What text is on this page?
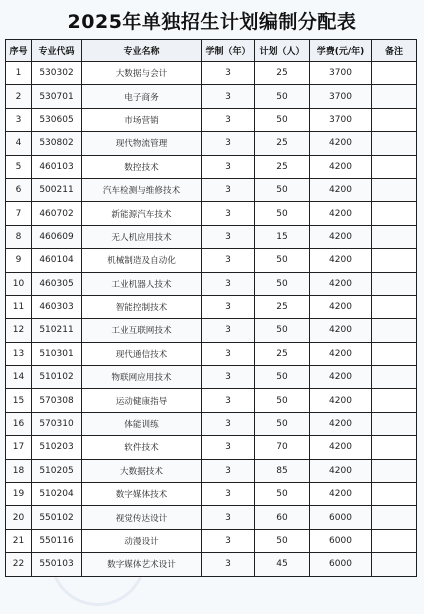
2025年单独招生计划编制分配表
序号	专业代码	专业名称	学制（年）	计划（人）	学费(元/年)	备注
1	530302	大数据与会计	3	25	3700	
2	530701	电子商务	3	50	3700	
3	530605	市场营销	3	50	3700	
4	530802	现代物流管理	3	25	4200	
5	460103	数控技术	3	25	4200	
6	500211	汽车检测与维修技术	3	50	4200	
7	460702	新能源汽车技术	3	50	4200	
8	460609	无人机应用技术	3	15	4200	
9	460104	机械制造及自动化	3	50	4200	
10	460305	工业机器人技术	3	50	4200	
11	460303	智能控制技术	3	25	4200	
12	510211	工业互联网技术	3	50	4200	
13	510301	现代通信技术	3	25	4200	
14	510102	物联网应用技术	3	50	4200	
15	570308	运动健康指导	3	50	4200	
16	570310	体能训练	3	50	4200	
17	510203	软件技术	3	70	4200	
18	510205	大数据技术	3	85	4200	
19	510204	数字媒体技术	3	50	4200	
20	550102	视觉传达设计	3	60	6000	
21	550116	动漫设计	3	50	6000	
22	550103	数字媒体艺术设计	3	45	6000	
